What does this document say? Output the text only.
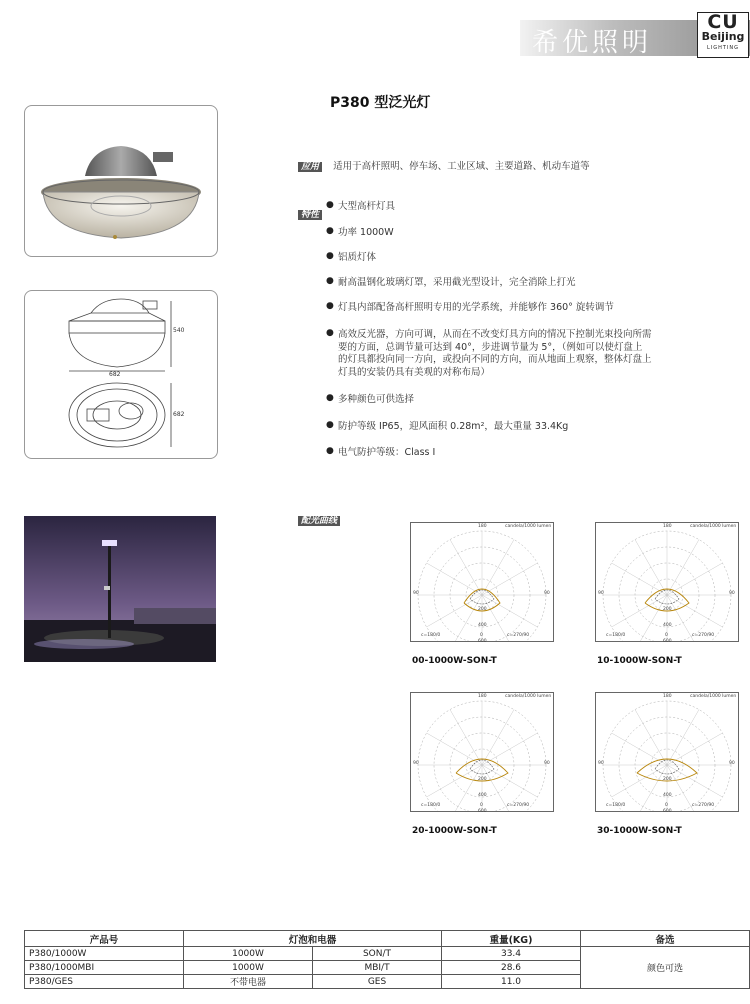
希优照明
CU
Beijing
LIGHTING
P380 型泛光灯
540
682
682
应用 适用于高杆照明、停车场、工业区域、主要道路、机动车道等
特性
● 大型高杆灯具
● 功率 1000W
● 铝质灯体
● 耐高温钢化玻璃灯罩，采用截光型设计，完全消除上打光
● 灯具内部配备高杆照明专用的光学系统，并能够作 360° 旋转调节
● 高效反光器，方向可调，从而在不改变灯具方向的情况下控制光束投向所需
要的方面，总调节量可达到 40°，步进调节量为 5°，（例如可以使灯盘上
的灯具都投向同一方向，或投向不同的方向，而从地面上观察，整体灯盘上
灯具的安装仍具有美观的对称布局）
● 多种颜色可供选择
● 防护等级 IP65，迎风面积 0.28m²，最大重量 33.4Kg
● 电气防护等级：Class I
配光曲线
180	candela/1000 lumen
90	90
200
400
600
c=180/0	0	c=270/90
00-1000W-SON-T
180	candela/1000 lumen
90	90
200
400
600
c=180/0	0	c=270/90
10-1000W-SON-T
180	candela/1000 lumen
90	90
200
400
600
c=180/0	0	c=270/90
20-1000W-SON-T
180	candela/1000 lumen
90	90
200
400
600
c=180/0	0	c=270/90
30-1000W-SON-T
产品号	灯泡和电器		重量(KG)	备选
P380/1000W	1000W	SON/T	33.4	颜色可选
P380/1000MBI	1000W	MBI/T	28.6	
P380/GES	不带电器	GES	11.0	
